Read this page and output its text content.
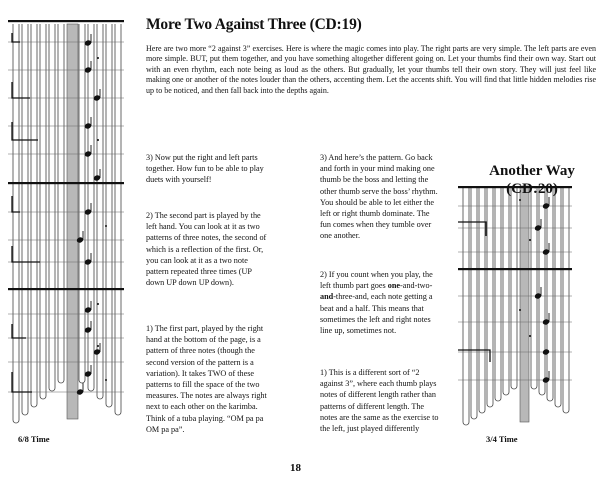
More Two Against Three (CD:19)
Here are two more “2 against 3” exercises. Here is where the magic comes into play. The right parts are very simple. The left parts are even more simple. BUT, put them together, and you have something altogether different going on. Let your thumbs find their own way. Start out with an even rhythm, each note being as loud as the others. But gradually, let your thumbs tell their own story. They will just feel like making one or another of the notes louder than the others, accenting them. Let the accents shift. You will find that little hidden melodies rise up to be noticed, and then fall back into the depths again.

3) Now put the right and left parts together. How fun to be able to play duets with yourself!

2) The second part is played by the left hand. You can look at it as two patterns of three notes, the second of which is a reflection of the first. Or, you can look at it as a two note pattern repeated three times (UP down UP down UP down).

1) The first part, played by the right hand at the bottom of the page, is a pattern of three notes (though the second version of the pattern is a variation). It takes TWO of these patterns to fill the space of the two measures. The notes are always right next to each other on the karimba. Think of a tuba playing. “OM pa pa OM pa pa”.

3) And here’s the pattern. Go back and forth in your mind making one thumb be the boss and letting the other thumb serve the boss’ rhythm. You should be able to let either the left or right thumb dominate. The fun comes when they tumble over one another.

2) If you count when you play, the left thumb part goes one-and-two-and-three-and, each note getting a beat and a half. This means that sometimes the left and right notes line up, sometimes not.

1) This is a different sort of “2 against 3”, where each thumb plays notes of different length rather than patterns of different length. The notes are the same as the exercise to the left, just played differently

Another Way (CD:20)
6/8 Time	3/4 Time
18
